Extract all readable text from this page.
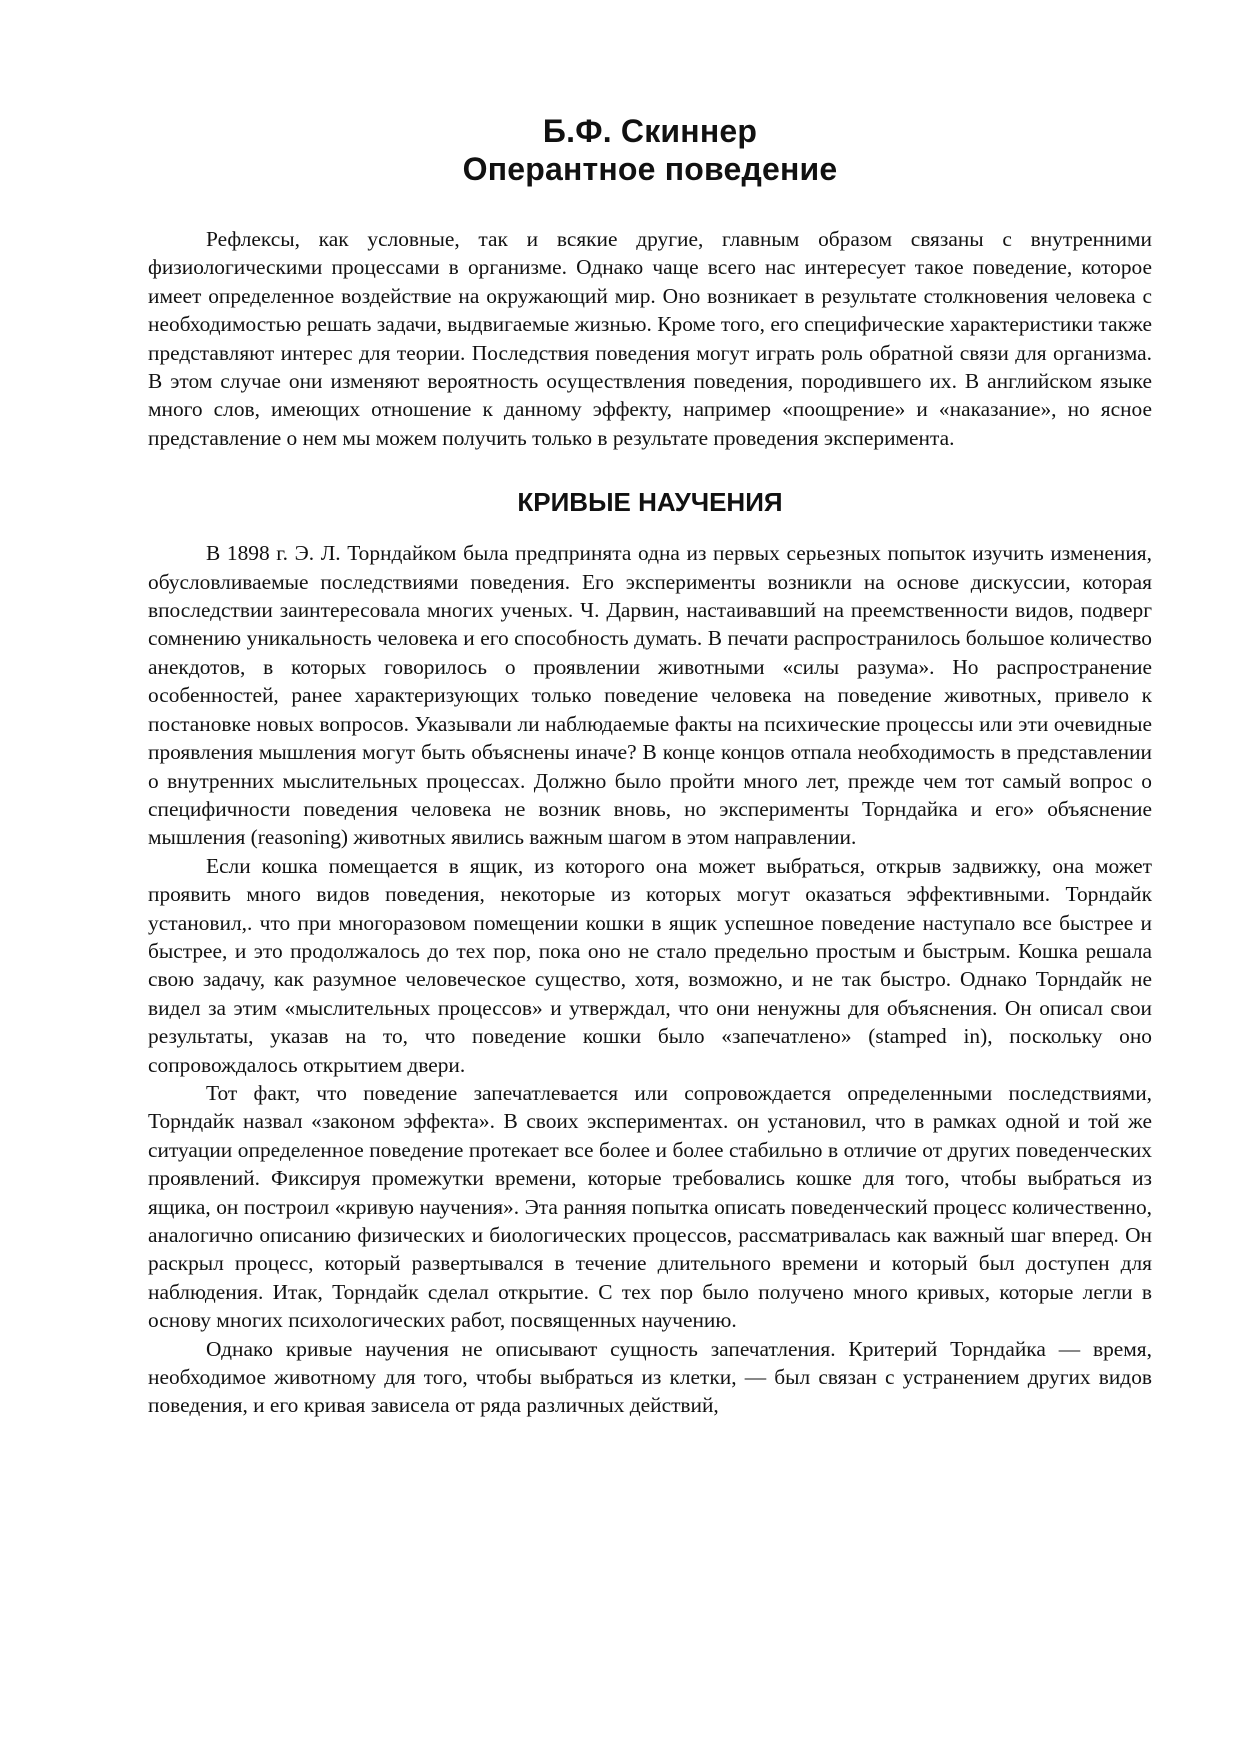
Б.Ф. Скиннер
Оперантное поведение

Рефлексы, как условные, так и всякие другие, главным образом связаны с внутренними физиологическими процессами в организме. Однако чаще всего нас интересует такое поведение, которое имеет определенное воздействие на окружающий мир. Оно возникает в результате столкновения человека с необходимостью решать задачи, выдвигаемые жизнью. Кроме того, его специфические характеристики также представляют интерес для теории. Последствия поведения могут играть роль обратной связи для организма. В этом случае они изменяют вероятность осуществления поведения, породившего их. В английском языке много слов, имеющих отношение к данному эффекту, например «поощрение» и «наказание», но ясное представление о нем мы можем получить только в результате проведения эксперимента.

КРИВЫЕ НАУЧЕНИЯ

В 1898 г. Э. Л. Торндайком была предпринята одна из первых серьезных попыток изучить изменения, обусловливаемые последствиями поведения. Его эксперименты возникли на основе дискуссии, которая впоследствии заинтересовала многих ученых. Ч. Дарвин, настаивавший на преемственности видов, подверг сомнению уникальность человека и его способность думать. В печати распространилось большое количество анекдотов, в которых говорилось о проявлении животными «силы разума». Но распространение особенностей, ранее характеризующих только поведение человека на поведение животных, привело к постановке новых вопросов. Указывали ли наблюдаемые факты на психические процессы или эти очевидные проявления мышления могут быть объяснены иначе? В конце концов отпала необходимость в представлении о внутренних мыслительных процессах. Должно было пройти много лет, прежде чем тот самый вопрос о специфичности поведения человека не возник вновь, но эксперименты Торндайка и его» объяснение мышления (reasoning) животных явились важным шагом в этом направлении.

Если кошка помещается в ящик, из которого она может выбраться, открыв задвижку, она может проявить много видов поведения, некоторые из которых могут оказаться эффективными. Торндайк установил,. что при многоразовом помещении кошки в ящик успешное поведение наступало все быстрее и быстрее, и это продолжалось до тех пор, пока оно не стало предельно простым и быстрым. Кошка решала свою задачу, как разумное человеческое существо, хотя, возможно, и не так быстро. Однако Торндайк не видел за этим «мыслительных процессов» и утверждал, что они ненужны для объяснения. Он описал свои результаты, указав на то, что поведение кошки было «запечатлено» (stamped in), поскольку оно сопровождалось открытием двери.

Тот факт, что поведение запечатлевается или сопровождается определенными последствиями, Торндайк назвал «законом эффекта». В своих экспериментах. он установил, что в рамках одной и той же ситуации определенное поведение протекает все более и более стабильно в отличие от других поведенческих проявлений. Фиксируя промежутки времени, которые требовались кошке для того, чтобы выбраться из ящика, он построил «кривую научения». Эта ранняя попытка описать поведенческий процесс количественно, аналогично описанию физических и биологических процессов, рассматривалась как важный шаг вперед. Он раскрыл процесс, который развертывался в течение длительного времени и который был доступен для наблюдения. Итак, Торндайк сделал открытие. С тех пор было получено много кривых, которые легли в основу многих психологических работ, посвященных научению.

Однако кривые научения не описывают сущность запечатления. Критерий Торндайка — время, необходимое животному для того, чтобы выбраться из клетки, — был связан с устранением других видов поведения, и его кривая зависела от ряда различных действий,
